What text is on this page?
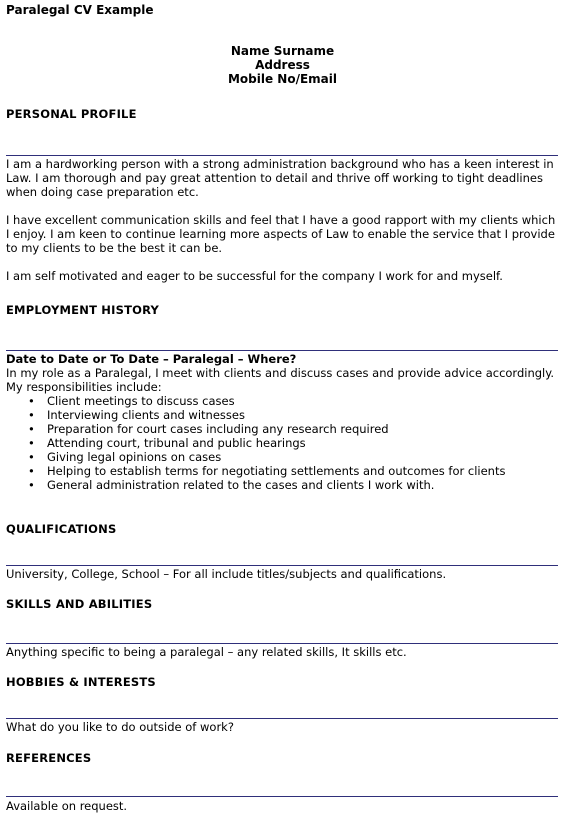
Paralegal CV Example
Name Surname
Address
Mobile No/Email
PERSONAL PROFILE

I am a hardworking person with a strong administration background who has a keen interest in Law. I am thorough and pay great attention to detail and thrive off working to tight deadlines when doing case preparation etc.

I have excellent communication skills and feel that I have a good rapport with my clients which I enjoy. I am keen to continue learning more aspects of Law to enable the service that I provide to my clients to be the best it can be.

I am self motivated and eager to be successful for the company I work for and myself.

EMPLOYMENT HISTORY
Date to Date or To Date – Paralegal – Where?
In my role as a Paralegal, I meet with clients and discuss cases and provide advice accordingly.
My responsibilities include:
• Client meetings to discuss cases
• Interviewing clients and witnesses
• Preparation for court cases including any research required
• Attending court, tribunal and public hearings
• Giving legal opinions on cases
• Helping to establish terms for negotiating settlements and outcomes for clients
• General administration related to the cases and clients I work with.
QUALIFICATIONS
University, College, School – For all include titles/subjects and qualifications.
SKILLS AND ABILITIES
Anything specific to being a paralegal – any related skills, It skills etc.
HOBBIES & INTERESTS
What do you like to do outside of work?
REFERENCES
Available on request.
